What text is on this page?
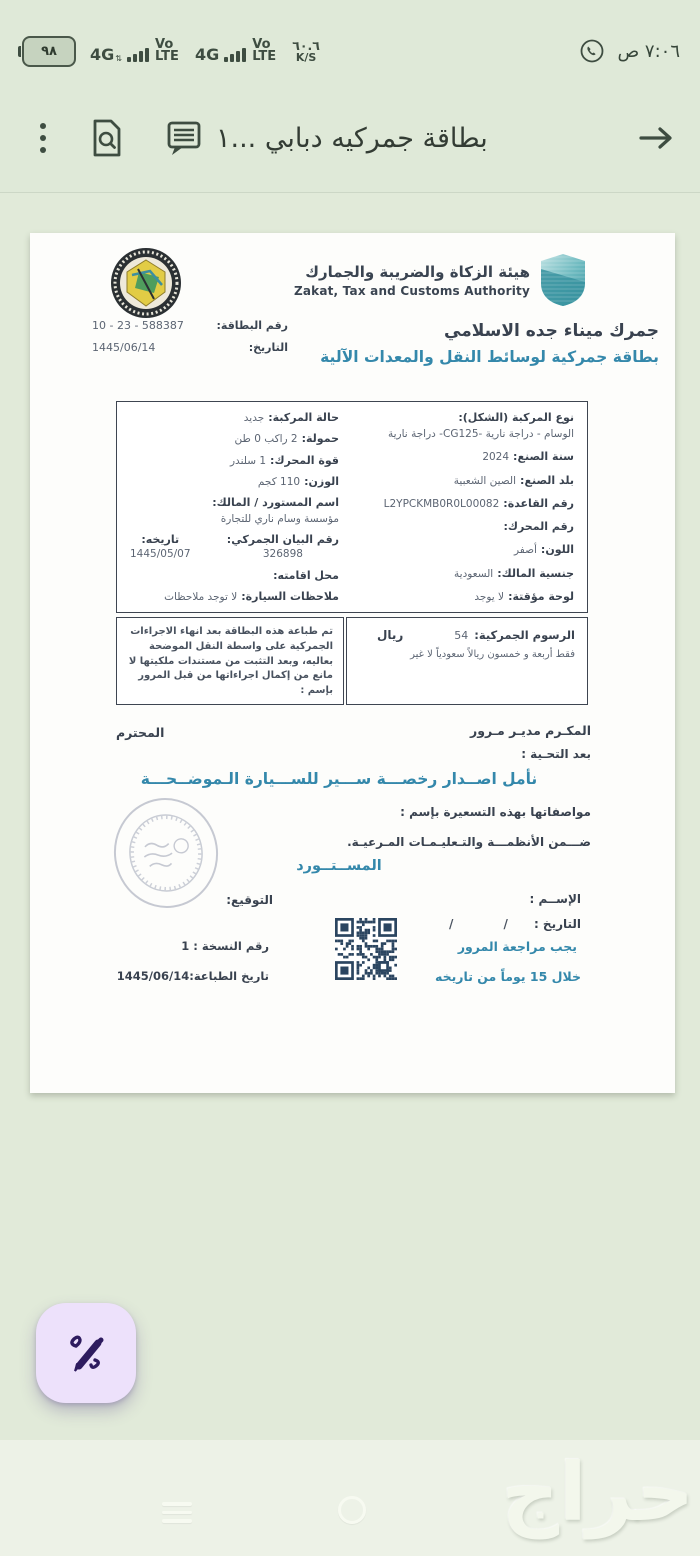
٩٨	4G ⇅
Vo LTE 4G
Vo LTE
٦٠.٦
K/S	٧:٠٦ ص
بطاقة جمركيه دبابي ...١
هيئة الزكاة والضريبة والجمارك
Zakat, Tax and Customs Authority
جمرك ميناء جده الاسلامي
بطاقة جمركية لوسائط النقل والمعدات الآلية
رقم البطاقة:
10 - 23 - 588387
التاريخ:
1445/06/14
نوع المركبة (الشكل):
الوسام - دراجة نارية -CG125- دراجة نارية
سنة الصنع:
2024
بلد الصنع:
الصين الشعبية
رقم القاعدة:
L2YPCKMB0R0L00082
رقم المحرك:
اللون:
أصفر
جنسية المالك:
السعودية
لوحة مؤقتة:
لا يوجد
حالة المركبة:
جديد
حمولة:
2 راكب 0 طن
قوة المحرك:
1 سلندر
الوزن:
110 كجم
اسم المستورد / المالك:
مؤسسة وسام ناري للتجارة
رقم البيان الجمركي:
326898
تاريخه:
1445/05/07
محل اقامته:
ملاحظات السيارة:
لا توجد ملاحظات
الرسوم الجمركية:
54
ريال
فقط أربعة و خمسون ريالاً سعودياً لا غير
تم طباعة هذه البطاقة بعد انهاء الاجراءات الجمركية على واسطة النقل الموضحة بعاليه، وبعد التثبت من مستندات ملكيتها لا مانع من إكمال اجراءاتها من قبل المرور بإسم :
المكـرم مديـر مـرور
المحترم
بعد التحـية :
نأمل اصــدار رخصـــة ســـير للســـيارة الـموضــحـــة
مواصفاتها بهذه التسعيرة بإسم :
ضـــمن الأنظمـــة والتـعليـمـات المـرعيـة.
المســتــورد
الإســم :
التاريخ :/            /
يجب مراجعة المرور
خلال 15 يوماً من تاريخه
التوقيع:
رقم النسخة : 1
تاريخ الطباعة:1445/06/14
حراج
